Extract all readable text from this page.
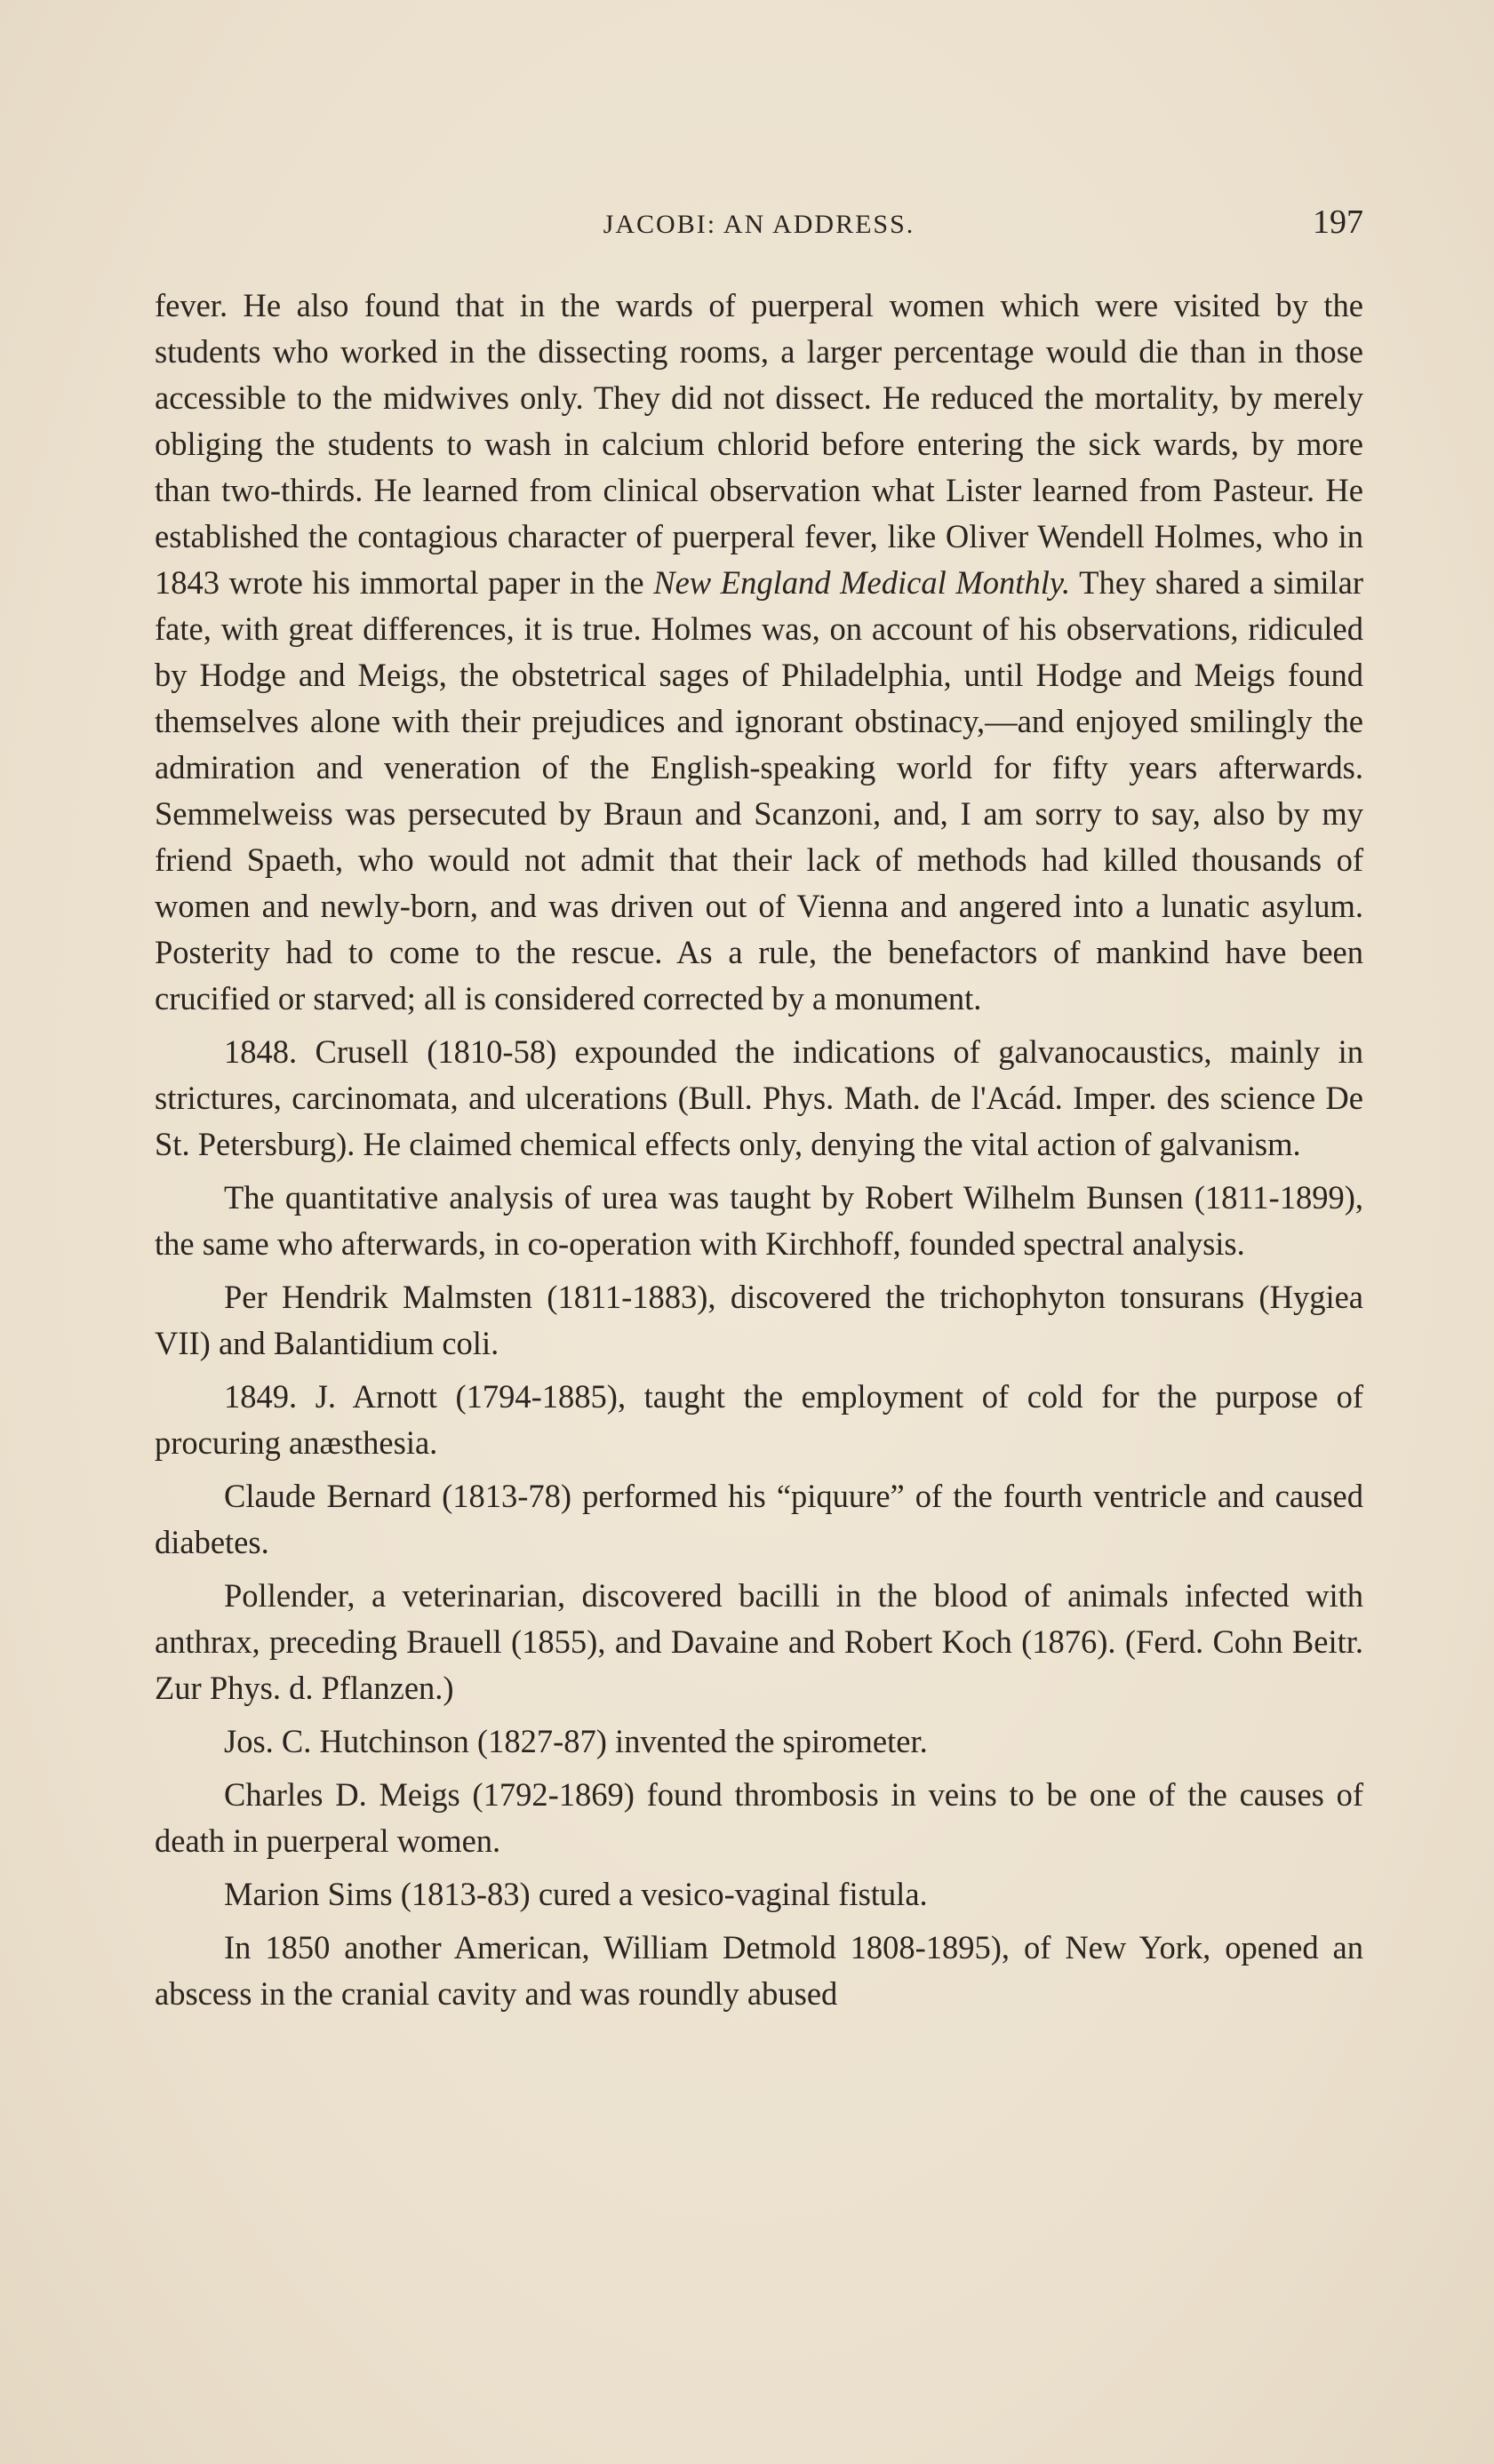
JACOBI: AN ADDRESS.	197

fever. He also found that in the wards of puerperal women which were visited by the students who worked in the dissecting rooms, a larger percentage would die than in those accessible to the midwives only. They did not dissect. He reduced the mortality, by merely obliging the students to wash in calcium chlorid before entering the sick wards, by more than two-thirds. He learned from clinical observation what Lister learned from Pasteur. He established the contagious character of puerperal fever, like Oliver Wendell Holmes, who in 1843 wrote his immortal paper in the New England Medical Monthly. They shared a similar fate, with great differences, it is true. Holmes was, on account of his observations, ridiculed by Hodge and Meigs, the obstetrical sages of Philadelphia, until Hodge and Meigs found themselves alone with their prejudices and ignorant obstinacy,—and enjoyed smilingly the admiration and veneration of the English-speaking world for fifty years afterwards. Semmelweiss was persecuted by Braun and Scanzoni, and, I am sorry to say, also by my friend Spaeth, who would not admit that their lack of methods had killed thousands of women and newly-born, and was driven out of Vienna and angered into a lunatic asylum. Posterity had to come to the rescue. As a rule, the benefactors of mankind have been crucified or starved; all is considered corrected by a monument.

1848. Crusell (1810-58) expounded the indications of galvanocaustics, mainly in strictures, carcinomata, and ulcerations (Bull. Phys. Math. de l'Acád. Imper. des science De St. Petersburg). He claimed chemical effects only, denying the vital action of galvanism.

The quantitative analysis of urea was taught by Robert Wilhelm Bunsen (1811-1899), the same who afterwards, in co-operation with Kirchhoff, founded spectral analysis.

Per Hendrik Malmsten (1811-1883), discovered the trichophyton tonsurans (Hygiea VII) and Balantidium coli.

1849. J. Arnott (1794-1885), taught the employment of cold for the purpose of procuring anæsthesia.

Claude Bernard (1813-78) performed his “piquure” of the fourth ventricle and caused diabetes.

Pollender, a veterinarian, discovered bacilli in the blood of animals infected with anthrax, preceding Brauell (1855), and Davaine and Robert Koch (1876). (Ferd. Cohn Beitr. Zur Phys. d. Pflanzen.)

Jos. C. Hutchinson (1827-87) invented the spirometer.

Charles D. Meigs (1792-1869) found thrombosis in veins to be one of the causes of death in puerperal women.

Marion Sims (1813-83) cured a vesico-vaginal fistula.

In 1850 another American, William Detmold 1808-1895), of New York, opened an abscess in the cranial cavity and was roundly abused
